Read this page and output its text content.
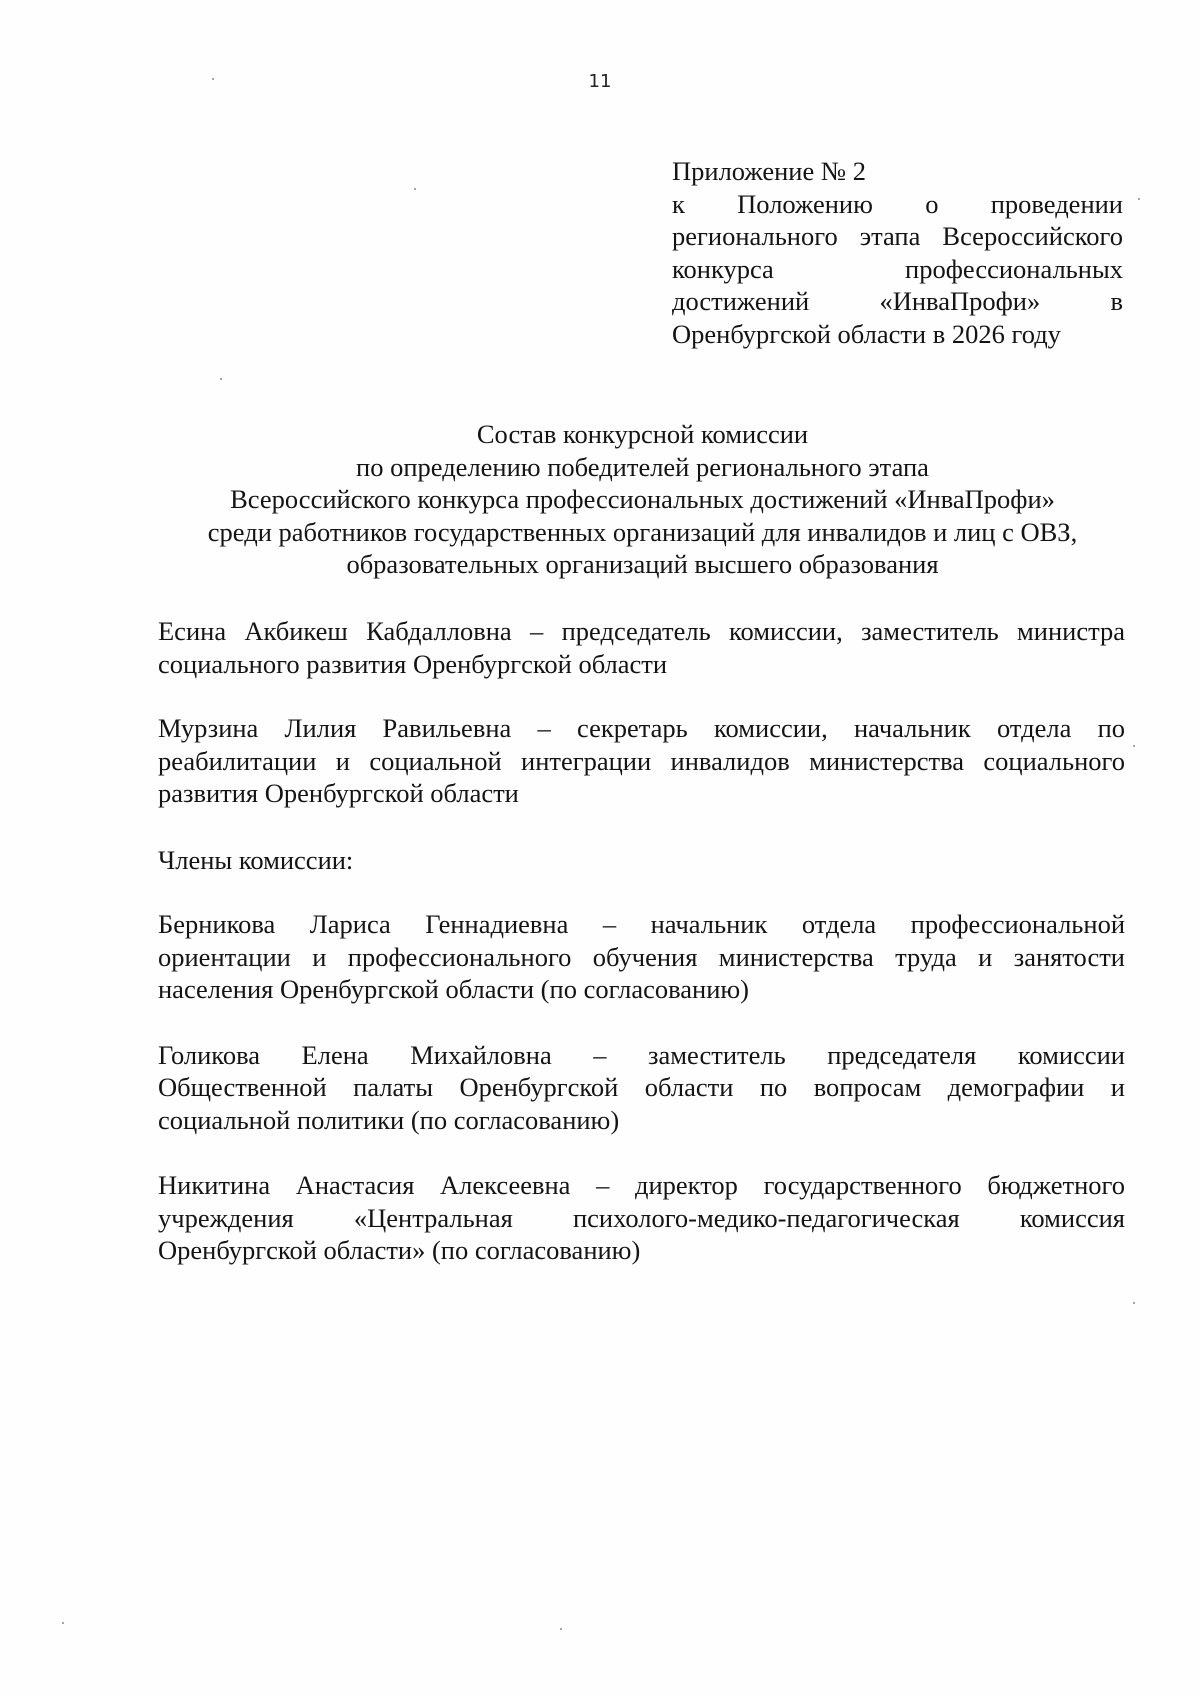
11
Приложение № 2
к Положению о проведении
регионального этапа Всероссийского
конкурса профессиональных
достижений «ИнваПрофи» в
Оренбургской области в 2026 году
Состав конкурсной комиссии
по определению победителей регионального этапа
Всероссийского конкурса профессиональных достижений «ИнваПрофи»
среди работников государственных организаций для инвалидов и лиц с ОВЗ,
образовательных организаций высшего образования
Есина Акбикеш Кабдалловна – председатель комиссии, заместитель министра
социального развития Оренбургской области
Мурзина Лилия Равильевна – секретарь комиссии, начальник отдела по
реабилитации и социальной интеграции инвалидов министерства социального
развития Оренбургской области
Члены комиссии:
Берникова Лариса Геннадиевна – начальник отдела профессиональной
ориентации и профессионального обучения министерства труда и занятости
населения Оренбургской области (по согласованию)
Голикова Елена Михайловна – заместитель председателя комиссии
Общественной палаты Оренбургской области по вопросам демографии и
социальной политики (по согласованию)
Никитина Анастасия Алексеевна – директор государственного бюджетного
учреждения «Центральная психолого-медико-педагогическая комиссия
Оренбургской области» (по согласованию)
